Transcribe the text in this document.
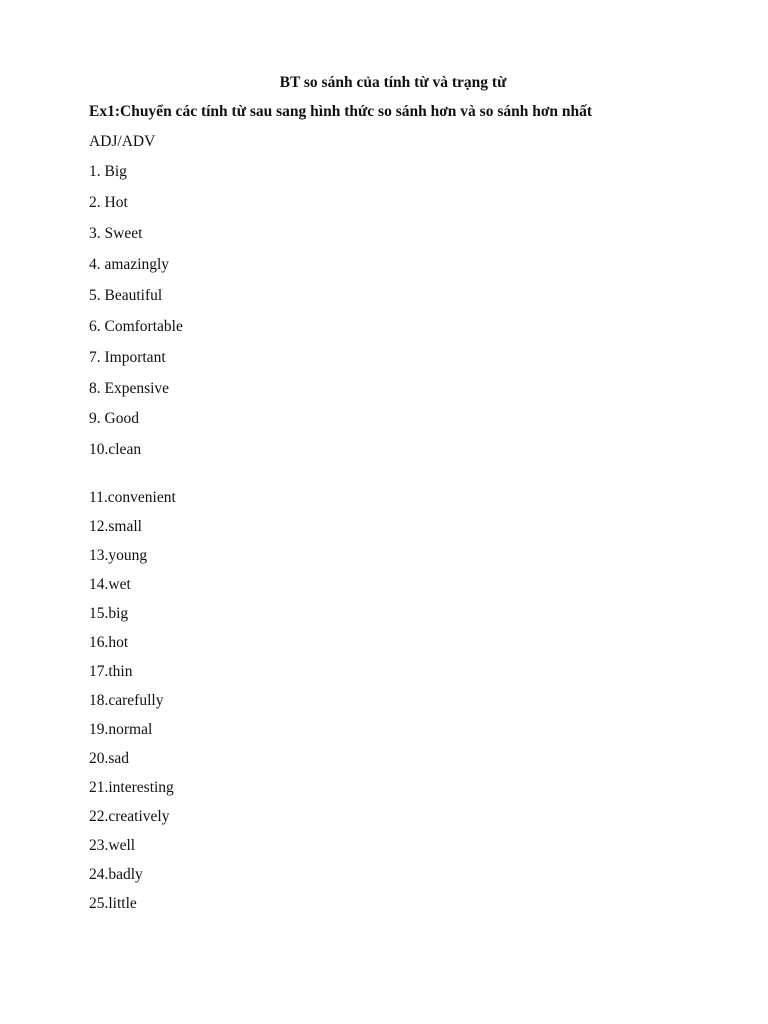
BT so sánh của tính từ và trạng từ
Ex1:Chuyển các tính từ sau sang hình thức so sánh hơn và so sánh hơn nhất
ADJ/ADV
1. Big
2. Hot
3. Sweet
4. amazingly
5. Beautiful
6. Comfortable
7. Important
8. Expensive
9. Good
10.clean
11.convenient
12.small
13.young
14.wet
15.big
16.hot
17.thin
18.carefully
19.normal
20.sad
21.interesting
22.creatively
23.well
24.badly
25.little
